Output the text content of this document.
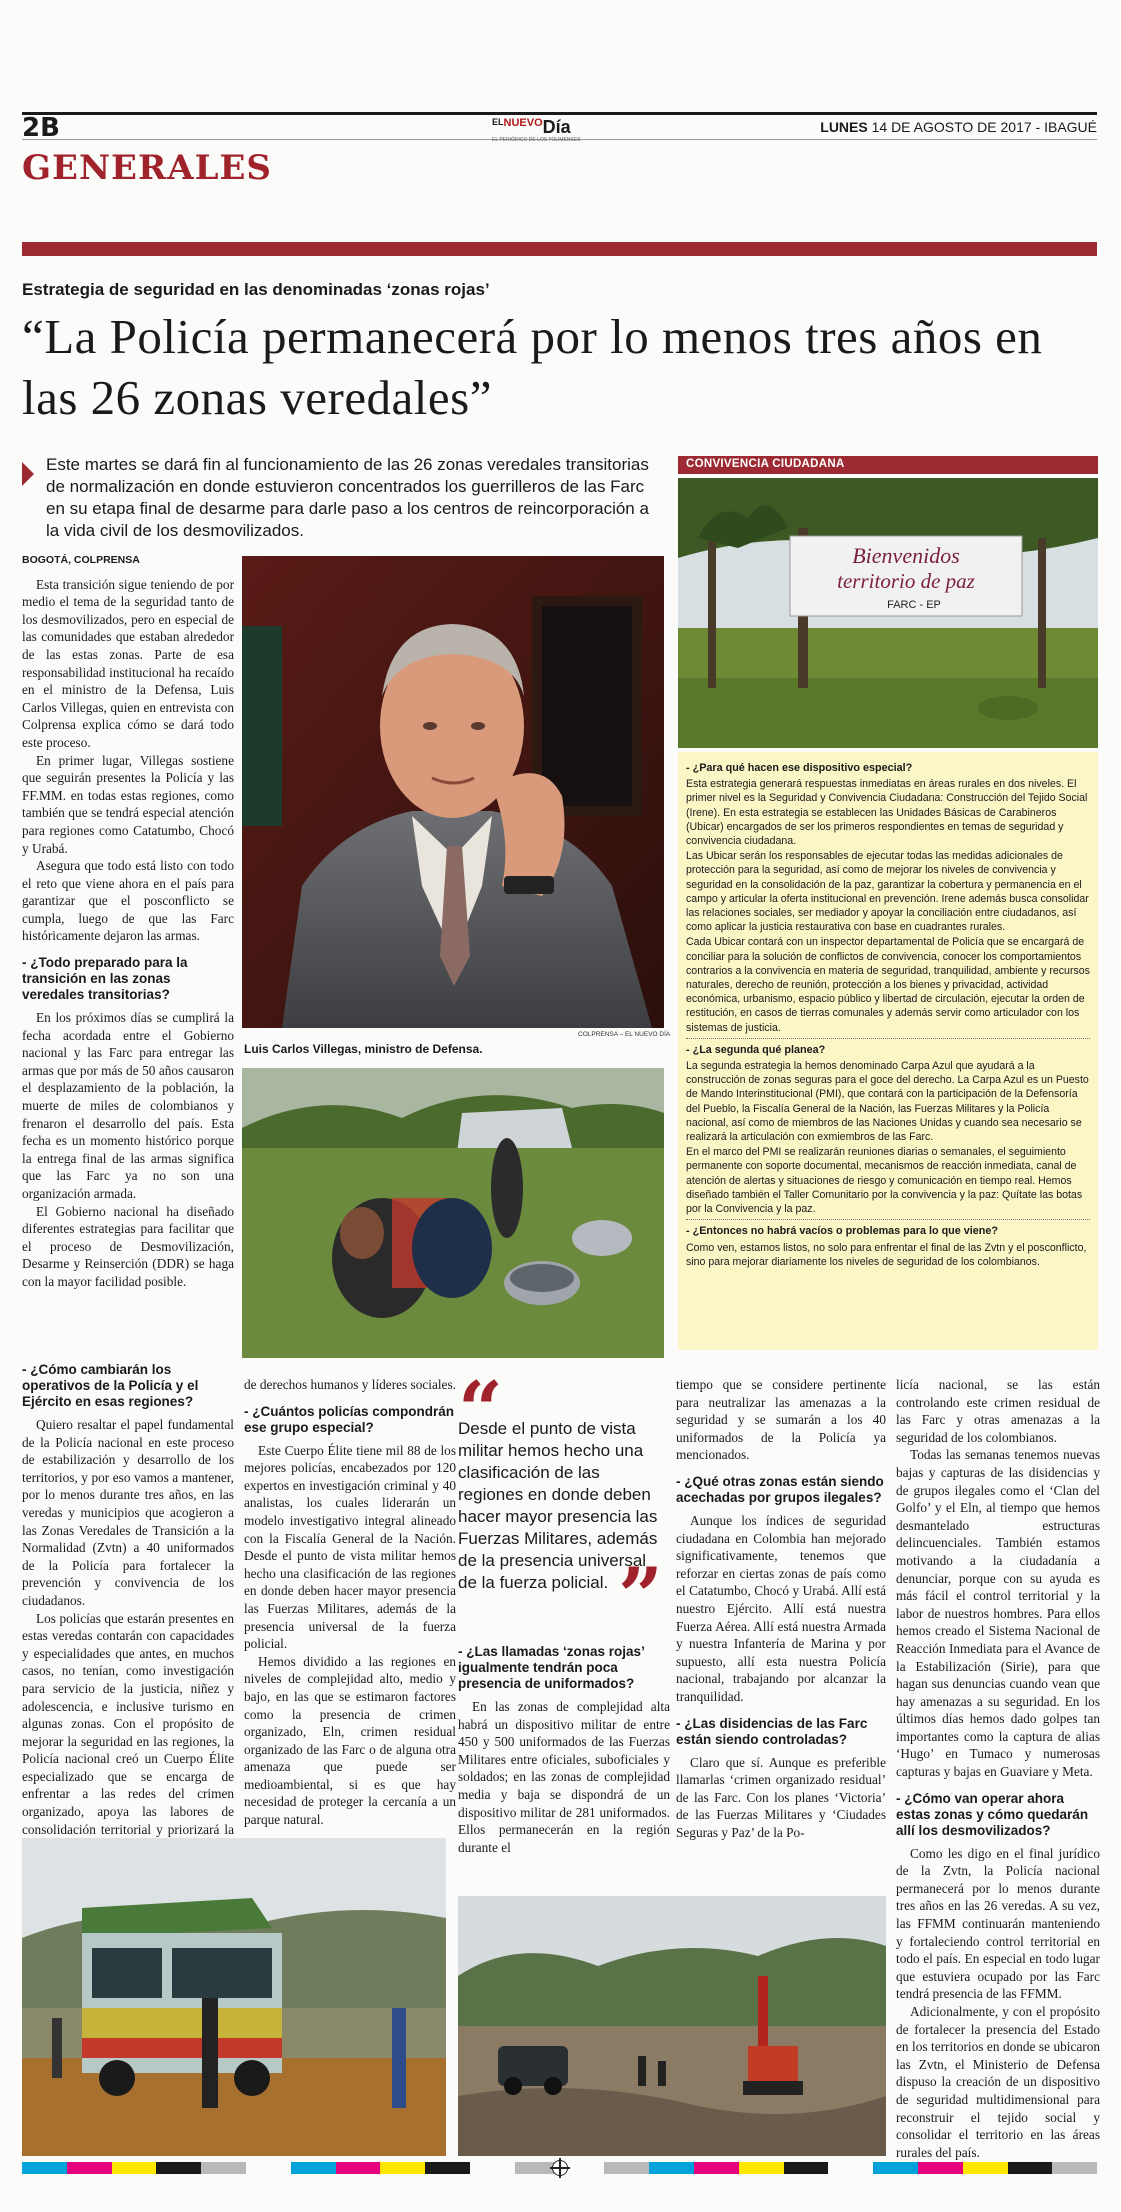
2B	$^{ELNUEVO}$Día
EL PERIÓDICO DE LOS TOLIMENSES
LUNES 14 DE AGOSTO DE 2017 - IBAGUÉ
GENERALES
Estrategia de seguridad en las denominadas ‘zonas rojas’
“La Policía permanecerá por lo menos tres años en las 26 zonas veredales”
Este martes se dará fin al funcionamiento de las 26 zonas veredales transitorias de normalización en donde estuvieron concentrados los guerrilleros de las Farc en su etapa final de desarme para darle paso a los centros de reincorporación a la vida civil de los desmovilizados.
BOGOTÁ, COLPRENSA

Esta transición sigue teniendo de por medio el tema de la seguridad tanto de los desmovilizados, pero en especial de las comunidades que estaban alrededor de las estas zonas. Parte de esa responsabilidad institucional ha recaído en el ministro de la Defensa, Luis Carlos Villegas, quien en entrevista con Colprensa explica cómo se dará todo este proceso.

En primer lugar, Villegas sostiene que seguirán presentes la Policía y las FF.MM. en todas estas regiones, como también que se tendrá especial atención para regiones como Catatumbo, Chocó y Urabá.

Asegura que todo está listo con todo el reto que viene ahora en el país para garantizar que el posconflicto se cumpla, luego de que las Farc históricamente dejaron las armas.

- ¿Todo preparado para la transición en las zonas veredales transitorias?

En los próximos días se cumplirá la fecha acordada entre el Gobierno nacional y las Farc para entregar las armas que por más de 50 años causaron el desplazamiento de la población, la muerte de miles de colombianos y frenaron el desarrollo del país. Esta fecha es un momento histórico porque la entrega final de las armas significa que las Farc ya no son una organización armada.

El Gobierno nacional ha diseñado diferentes estrategias para facilitar que el proceso de Desmovilización, Desarme y Reinserción (DDR) se haga con la mayor facilidad posible.

COLPRENSA – EL NUEVO DÍA
Luis Carlos Villegas, ministro de Defensa.
CONVIVENCIA CIUDADANA
Bienvenidos
territorio de paz
FARC - EP
- ¿Para qué hacen ese dispositivo especial?

Esta estrategia generará respuestas inmediatas en áreas rurales en dos niveles. El primer nivel es la Seguridad y Convivencia Ciudadana: Construcción del Tejido Social (Irene). En esta estrategia se establecen las Unidades Básicas de Carabineros (Ubicar) encargados de ser los primeros respondientes en temas de seguridad y convivencia ciudadana.

Las Ubicar serán los responsables de ejecutar todas las medidas adicionales de protección para la seguridad, así como de mejorar los niveles de convivencia y seguridad en la consolidación de la paz, garantizar la cobertura y permanencia en el campo y articular la oferta institucional en prevención. Irene además busca consolidar las relaciones sociales, ser mediador y apoyar la conciliación entre ciudadanos, así como aplicar la justicia restaurativa con base en cuadrantes rurales.

Cada Ubicar contará con un inspector departamental de Policía que se encargará de conciliar para la solución de conflictos de convivencia, conocer los comportamientos contrarios a la convivencia en materia de seguridad, tranquilidad, ambiente y recursos naturales, derecho de reunión, protección a los bienes y privacidad, actividad económica, urbanismo, espacio público y libertad de circulación, ejecutar la orden de restitución, en casos de tierras comunales y además servir como articulador con los sistemas de justicia.

- ¿La segunda qué planea?

La segunda estrategia la hemos denominado Carpa Azul que ayudará a la construcción de zonas seguras para el goce del derecho. La Carpa Azul es un Puesto de Mando Interinstitucional (PMI), que contará con la participación de la Defensoría del Pueblo, la Fiscalía General de la Nación, las Fuerzas Militares y la Policía nacional, así como de miembros de las Naciones Unidas y cuando sea necesario se realizará la articulación con exmiembros de las Farc.

En el marco del PMI se realizarán reuniones diarias o semanales, el seguimiento permanente con soporte documental, mecanismos de reacción inmediata, canal de atención de alertas y situaciones de riesgo y comunicación en tiempo real. Hemos diseñado también el Taller Comunitario por la convivencia y la paz: Quítate las botas por la Convivencia y la paz.

- ¿Entonces no habrá vacíos o problemas para lo que viene?

Como ven, estamos listos, no solo para enfrentar el final de las Zvtn y el posconflicto, sino para mejorar diariamente los niveles de seguridad de los colombianos.

- ¿Cómo cambiarán los operativos de la Policía y el Ejército en esas regiones?

Quiero resaltar el papel fundamental de la Policía nacional en este proceso de estabilización y desarrollo de los territorios, y por eso vamos a mantener, por lo menos durante tres años, en las veredas y municipios que acogieron a las Zonas Veredales de Transición a la Normalidad (Zvtn) a 40 uniformados de la Policía para fortalecer la prevención y convivencia de los ciudadanos.

Los policías que estarán presentes en estas veredas contarán con capacidades y especialidades que antes, en muchos casos, no tenían, como investigación para servicio de la justicia, niñez y adolescencia, e inclusive turismo en algunas zonas. Con el propósito de mejorar la seguridad en las regiones, la Policía nacional creó un Cuerpo Élite especializado que se encarga de enfrentar a las redes del crimen organizado, apoya las labores de consolidación territorial y priorizará la

de derechos humanos y líderes sociales.

- ¿Cuántos policías compondrán ese grupo especial?

Este Cuerpo Élite tiene mil 88 de los mejores policías, encabezados por 120 expertos en investigación criminal y 40 analistas, los cuales liderarán un modelo investigativo integral alineado con la Fiscalía General de la Nación. Desde el punto de vista militar hemos hecho una clasificación de las regiones en donde deben hacer mayor presencia las Fuerzas Militares, además de la presencia universal de la fuerza policial.

Hemos dividido a las regiones en niveles de complejidad alto, medio y bajo, en las que se estimaron factores como la presencia de crimen organizado, Eln, crimen residual organizado de las Farc o de alguna otra amenaza que puede ser medioambiental, si es que hay necesidad de proteger la cercanía a un parque natural.

“
Desde el punto de vista militar hemos hecho una clasificación de las regiones en donde deben hacer mayor presencia las Fuerzas Militares, además de la presencia universal de la fuerza policial. ”
- ¿Las llamadas ‘zonas rojas’ igualmente tendrán poca presencia de uniformados?

En las zonas de complejidad alta habrá un dispositivo militar de entre 450 y 500 uniformados de las Fuerzas Militares entre oficiales, suboficiales y soldados; en las zonas de complejidad media y baja se dispondrá de un dispositivo militar de 281 uniformados. Ellos permanecerán en la región durante el

tiempo que se considere pertinente para neutralizar las amenazas a la seguridad y se sumarán a los 40 uniformados de la Policía ya mencionados.

- ¿Qué otras zonas están siendo acechadas por grupos ilegales?

Aunque los índices de seguridad ciudadana en Colombia han mejorado significativamente, tenemos que reforzar en ciertas zonas de país como el Catatumbo, Chocó y Urabá. Allí está nuestro Ejército. Allí está nuestra Fuerza Aérea. Allí está nuestra Armada y nuestra Infantería de Marina y por supuesto, allí esta nuestra Policía nacional, trabajando por alcanzar la tranquilidad.

- ¿Las disidencias de las Farc están siendo controladas?

Claro que sí. Aunque es preferible llamarlas ‘crimen organizado residual’ de las Farc. Con los planes ‘Victoria’ de las Fuerzas Militares y ‘Ciudades Seguras y Paz’ de la Po-

licía nacional, se las están controlando este crimen residual de las Farc y otras amenazas a la seguridad de los colombianos.

Todas las semanas tenemos nuevas bajas y capturas de las disidencias y de grupos ilegales como el ‘Clan del Golfo’ y el Eln, al tiempo que hemos desmantelado estructuras delincuenciales. También estamos motivando a la ciudadanía a denunciar, porque con su ayuda es más fácil el control territorial y la labor de nuestros hombres. Para ellos hemos creado el Sistema Nacional de Reacción Inmediata para el Avance de la Estabilización (Sirie), para que hagan sus denuncias cuando vean que hay amenazas a su seguridad. En los últimos días hemos dado golpes tan importantes como la captura de alias ‘Hugo’ en Tumaco y numerosas capturas y bajas en Guaviare y Meta.

- ¿Cómo van operar ahora estas zonas y cómo quedarán allí los desmovilizados?

Como les digo en el final jurídico de la Zvtn, la Policía nacional permanecerá por lo menos durante tres años en las 26 veredas. A su vez, las FFMM continuarán manteniendo y fortaleciendo control territorial en todo el país. En especial en todo lugar que estuviera ocupado por las Farc tendrá presencia de las FFMM.

Adicionalmente, y con el propósito de fortalecer la presencia del Estado en los territorios en donde se ubicaron las Zvtn, el Ministerio de Defensa dispuso la creación de un dispositivo de seguridad multidimensional para reconstruir el tejido social y consolidar el territorio en las áreas rurales del país.
